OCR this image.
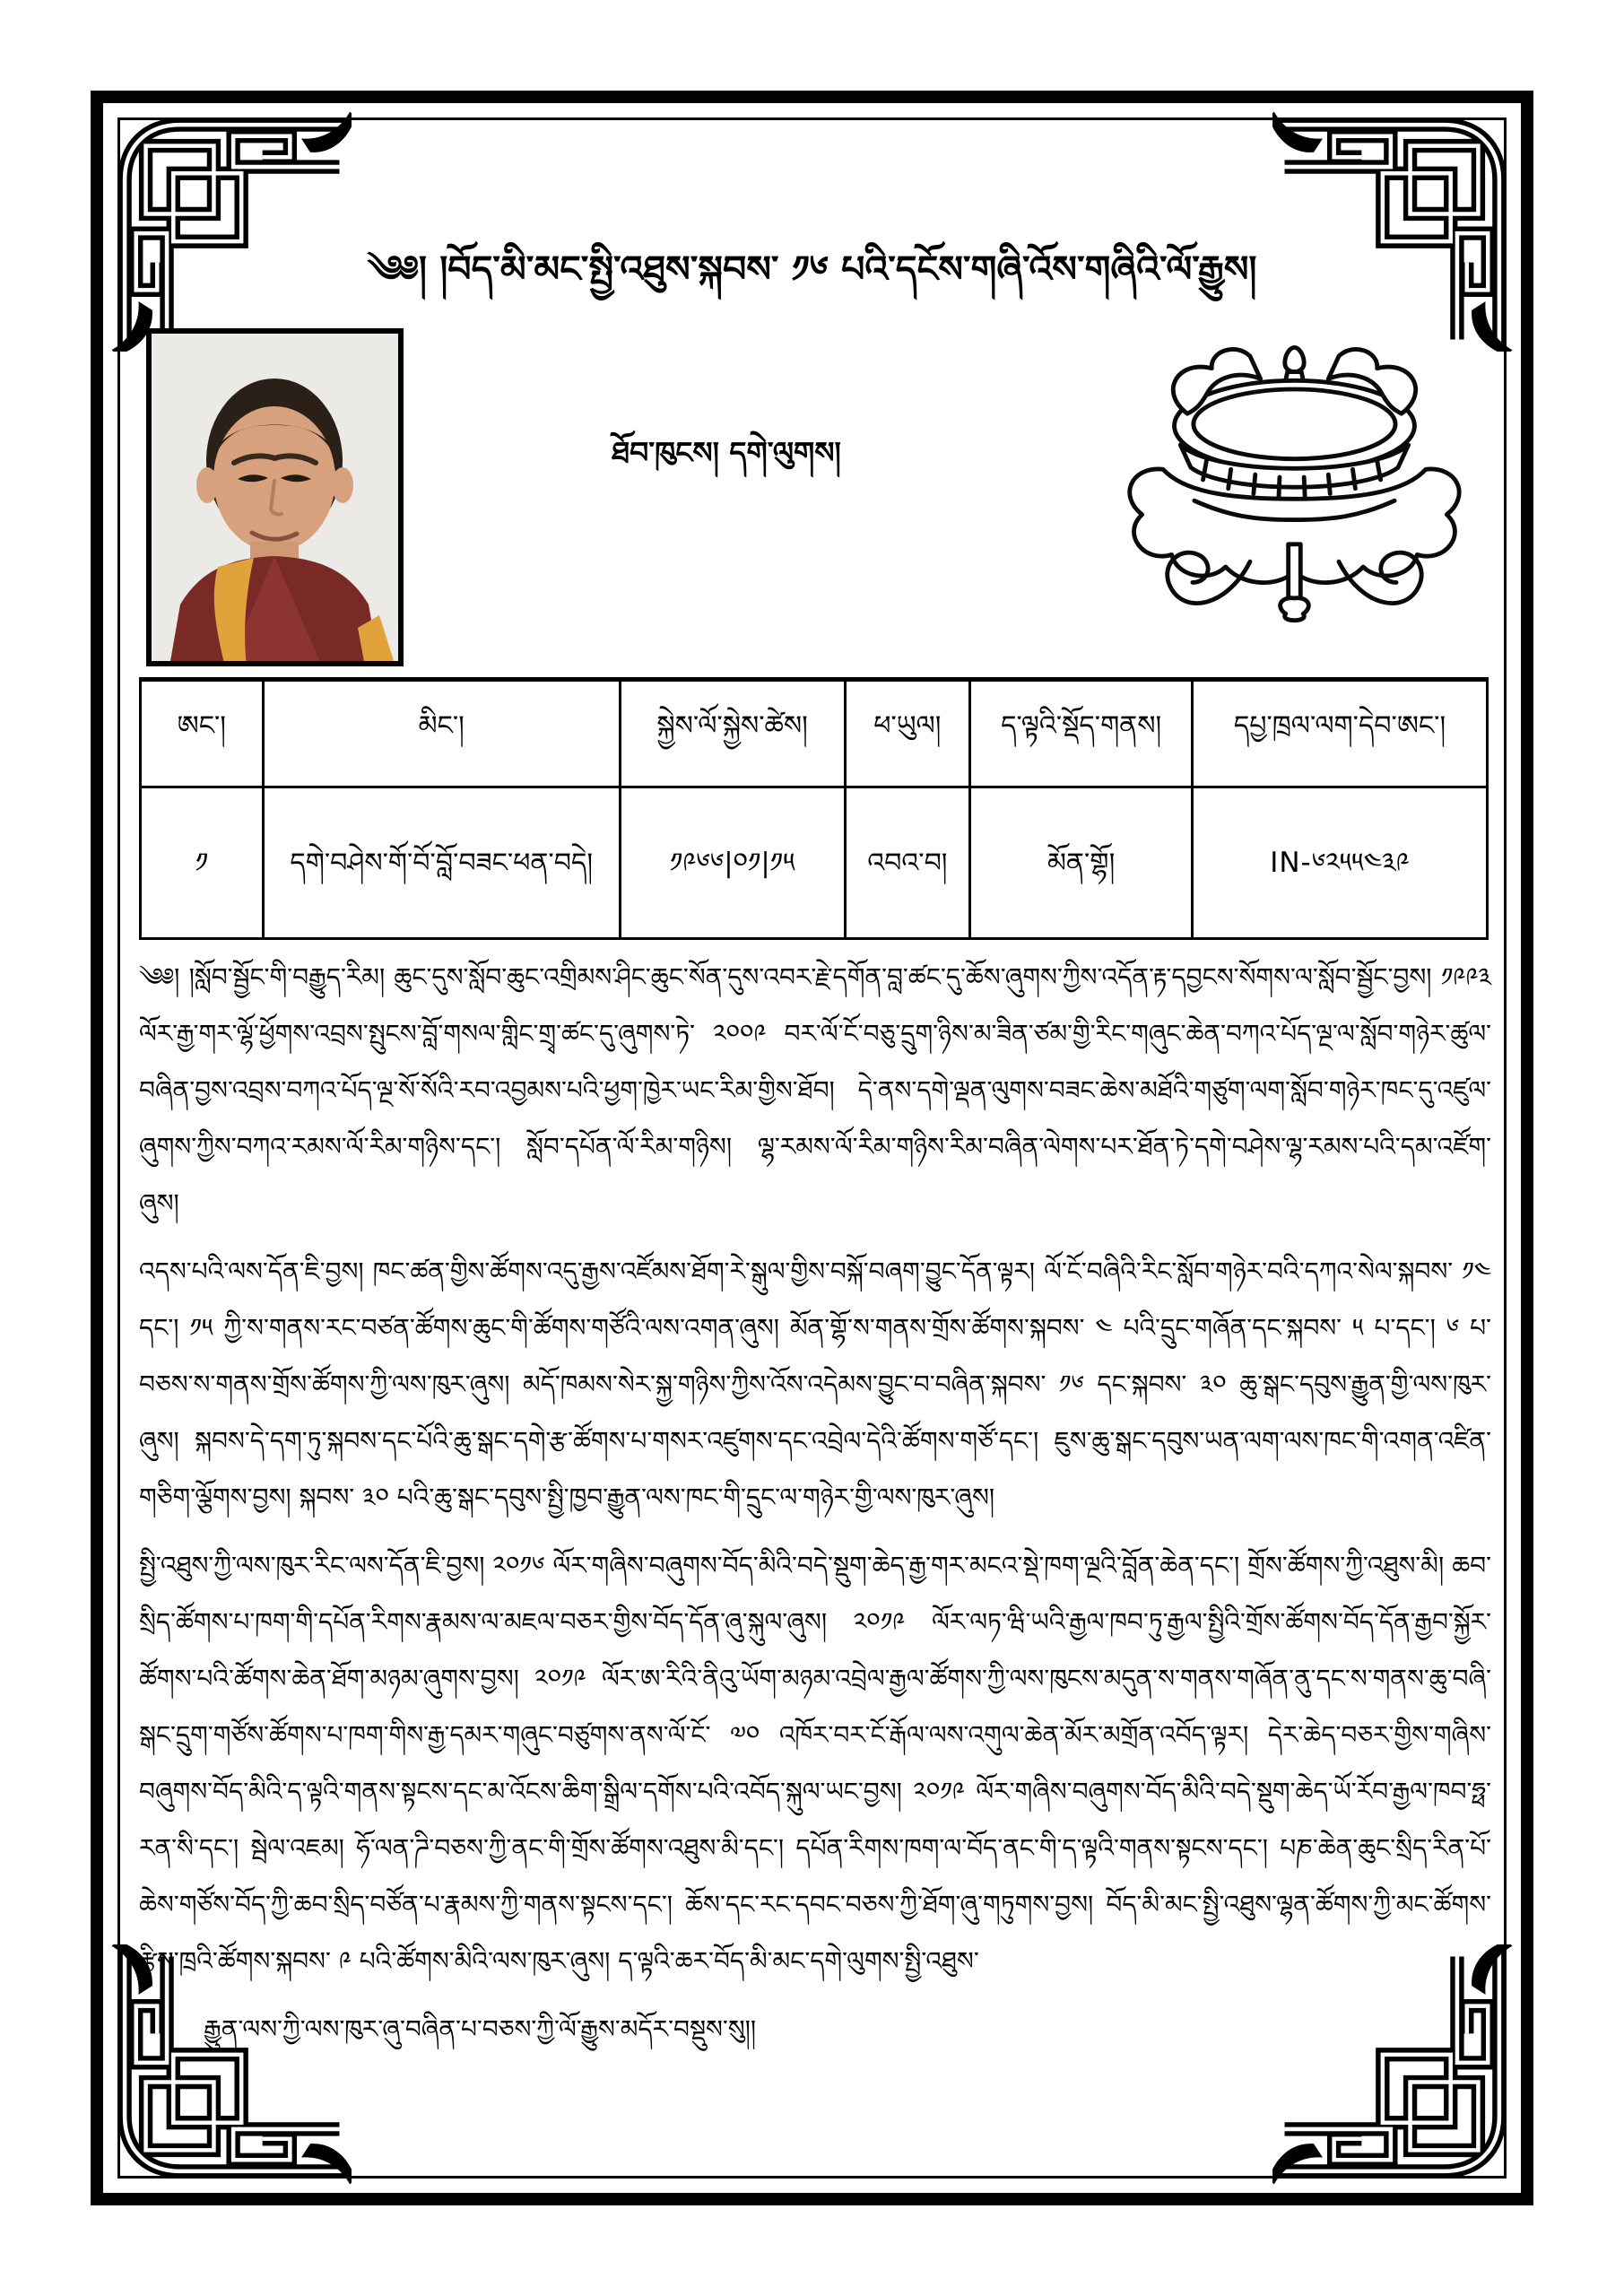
༄༅། །བོད་མི་མང་སྤྱི་འཐུས་སྐབས་ ༡༦ པའི་དངོས་གཞི་འོས་གཞིའི་ལོ་རྒྱུས།
ཐོབ་ཁུངས། དགེ་ལུགས།
ཨང་།	མིང་།	སྐྱེས་ལོ་སྐྱེས་ཚེས།	ཕ་ཡུལ།	ད་ལྟའི་སྡོད་གནས།	དཔྱ་ཁྲལ་ལག་དེབ་ཨང་།
༡	དགེ་བཤེས་གོ་བོ་བློ་བཟང་ཕན་བདེ།	༡༩༦༦|༠༡|༡༥	འབའ་བ།	མོན་གྷོ།	IN-༦༢༥༥༤༣༩

༄༅། །སློབ་སྦྱོང་གི་བརྒྱུད་རིམ། ཆུང་དུས་སློབ་ཆུང་འགྲིམས་ཤིང་ཆུང་སོན་དུས་འབར་རྗེ་དགོན་བླ་ཚང་དུ་ཆོས་ཞུགས་ཀྱིས་འདོན་རྟ་དབྱངས་སོགས་ལ་སློབ་སྦྱོང་བྱས། ༡༩༩༣ ལོར་རྒྱ་གར་ལྷོ་ཕྱོགས་འབྲས་སྤུངས་བློ་གསལ་གླིང་གྲྭ་ཚང་དུ་ཞུགས་ཏེ་ ༢༠༠༩ བར་ལོ་ངོ་བཅུ་དྲུག་ཉིས་མ་ཟིན་ཙམ་གྱི་རིང་གཞུང་ཆེན་བཀའ་པོད་ལྔ་ལ་སློབ་གཉེར་ཚུལ་བཞིན་བྱས་འབྲས་བཀའ་པོད་ལྔ་སོ་སོའི་རབ་འབྱམས་པའི་ཕྱག་ཁྱེར་ཡང་རིམ་གྱིས་ཐོབ། དེ་ནས་དགེ་ལྡན་ལུགས་བཟང་ཆེས་མཐོའི་གཙུག་ལག་སློབ་གཉེར་ཁང་དུ་འཛུལ་ཞུགས་ཀྱིས་བཀའ་རམས་ལོ་རིམ་གཉིས་དང་། སློབ་དཔོན་ལོ་རིམ་གཉིས། ལྷ་རམས་ལོ་རིམ་གཉིས་རིམ་བཞིན་ལེགས་པར་ཐོན་ཏེ་དགེ་བཤེས་ལྷ་རམས་པའི་དམ་འཛོག་ཞུས།

འདས་པའི་ལས་དོན་ཇི་བྱས། ཁང་ཚན་གྱིས་ཚོགས་འདུ་རྒྱས་འཛོམས་ཐོག་རེ་སྒུལ་གྱིས་བསྐོ་བཞག་བྱུང་དོན་ལྟར། ལོ་ངོ་བཞིའི་རིང་སློབ་གཉེར་བའི་དཀའ་སེལ་སྐབས་ ༡༤ དང་། ༡༥ ཀྱི་ས་གནས་རང་བཙན་ཚོགས་ཆུང་གི་ཚོགས་གཙོའི་ལས་འགན་ཞུས། མོན་གྷོ་ས་གནས་གྲོས་ཚོགས་སྐབས་ ༤ པའི་དྲུང་གཞོན་དང་སྐབས་ ༥ པ་དང་། ༦ པ་བཅས་ས་གནས་གྲོས་ཚོགས་ཀྱི་ལས་ཁུར་ཞུས། མདོ་ཁམས་སེར་སྐྱ་གཉིས་ཀྱིས་འོས་འདེམས་བྱུང་བ་བཞིན་སྐབས་ ༡༦ དང་སྐབས་ ༣༠ ཆུ་སྒང་དབུས་རྒྱུན་གྱི་ལས་ཁུར་ཞུས། སྐབས་དེ་དག་ཏུ་སྐབས་དང་པོའི་ཆུ་སྒང་དགེ་རྩ་ཚོགས་པ་གསར་འཛུགས་དང་འབྲེལ་དེའི་ཚོགས་གཙོ་དང་། ཇུས་ཆུ་སྒང་དབུས་ཡན་ལག་ལས་ཁང་གི་འགན་འཛིན་གཅིག་ལྕོགས་བྱས། སྐབས་ ༣༠ པའི་ཆུ་སྒང་དབུས་སྤྱི་ཁྱབ་རྒྱུན་ལས་ཁང་གི་དྲུང་ལ་གཉེར་གྱི་ལས་ཁུར་ཞུས།

སྤྱི་འཐུས་ཀྱི་ལས་ཁུར་རིང་ལས་དོན་ཇི་བྱས། ༢༠༡༦ ལོར་གཞིས་བཞུགས་བོད་མིའི་བདེ་སྡུག་ཆེད་རྒྱ་གར་མངའ་སྡེ་ཁག་ལྔའི་བློན་ཆེན་དང་། གྲོས་ཚོགས་ཀྱི་འཐུས་མི། ཆབ་སྲིད་ཚོགས་པ་ཁག་གི་དཔོན་རིགས་རྣམས་ལ་མཇལ་བཅར་གྱིས་བོད་དོན་ཞུ་སྐུལ་ཞུས། ༢༠༡༩ ལོར་ལཏ་ཝི་ཡའི་རྒྱལ་ཁབ་ཏུ་རྒྱལ་སྤྱིའི་གྲོས་ཚོགས་བོད་དོན་རྒྱབ་སྐྱོར་ཚོགས་པའི་ཚོགས་ཆེན་ཐོག་མཉམ་ཞུགས་བྱས། ༢༠༡༩ ལོར་ཨ་རིའི་ནིའུ་ཡོག་མཉམ་འབྲེལ་རྒྱལ་ཚོགས་ཀྱི་ལས་ཁུངས་མདུན་ས་གནས་གཞོན་ནུ་དང་ས་གནས་ཆུ་བཞི་སྒང་དྲུག་གཙོས་ཚོགས་པ་ཁག་གིས་རྒྱ་དམར་གཞུང་བཙུགས་ནས་ལོ་ངོ་ ༧༠ འཁོར་བར་ངོ་རྒོལ་ལས་འགུལ་ཆེན་མོར་མགྲོན་འབོད་ལྟར། དེར་ཆེད་བཅར་གྱིས་གཞིས་བཞུགས་བོད་མིའི་ད་ལྟའི་གནས་སྟངས་དང་མ་འོངས་ཆིག་སྒྲིལ་དགོས་པའི་འབོད་སྐུལ་ཡང་བྱས། ༢༠༡༩ ལོར་གཞིས་བཞུགས་བོད་མིའི་བདེ་སྡུག་ཆེད་ཡོ་རོབ་རྒྱལ་ཁབ་ཧྥ་རན་སི་དང་། སྦེལ་འཇམ། ཧོ་ལན་ཌི་བཅས་ཀྱི་ནང་གི་གྲོས་ཚོགས་འཐུས་མི་དང་། དཔོན་རིགས་ཁག་ལ་བོད་ནང་གི་ད་ལྟའི་གནས་སྟངས་དང་། པཎ་ཆེན་ཆུང་སྲིད་རིན་པོ་ཆེས་གཙོས་བོད་ཀྱི་ཆབ་སྲིད་བཙོན་པ་རྣམས་ཀྱི་གནས་སྟངས་དང་། ཆོས་དང་རང་དབང་བཅས་ཀྱི་ཐོག་ཞུ་གཏུགས་བྱས། བོད་མི་མང་སྤྱི་འཐུས་ལྷན་ཚོགས་ཀྱི་མང་ཚོགས་རྩིས་ཁྲའི་ཚོགས་སྐབས་ ༩ པའི་ཚོགས་མིའི་ལས་ཁུར་ཞུས། ད་ལྟའི་ཆར་བོད་མི་མང་དགེ་ལུགས་སྤྱི་འཐུས་

རྒྱུན་ལས་ཀྱི་ལས་ཁུར་ཞུ་བཞིན་པ་བཅས་ཀྱི་ལོ་རྒྱུས་མདོར་བསྡུས་སུ།།
